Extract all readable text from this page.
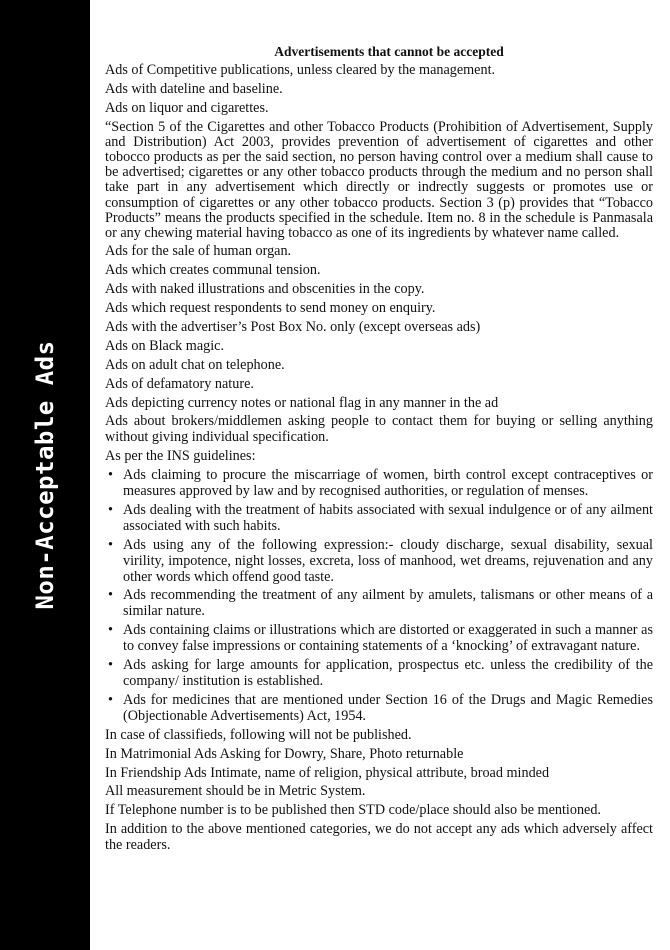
Non-Acceptable Ads
Advertisements that cannot be accepted
Ads of Competitive publications, unless cleared by the management.
Ads with dateline and baseline.
Ads on liquor and cigarettes.
“Section 5 of the Cigarettes and other Tobacco Products (Prohibition of Advertisement, Supply and Distribution) Act 2003, provides prevention of advertisement of cigarettes and other tobocco products as per the said section, no person having control over a medium shall cause to be advertised; cigarettes or any other tobacco products through the medium and no person shall take part in any advertisement which directly or indrectly suggests or promotes use or consumption of cigarettes or any other tobacco products. Section 3 (p) provides that “Tobacco Products” means the products specified in the schedule. Item no. 8 in the schedule is Panmasala or any chewing material having tobacco as one of its ingredients by whatever name called.
Ads for the sale of human organ.
Ads which creates communal tension.
Ads with naked illustrations and obscenities in the copy.
Ads which request respondents to send money on enquiry.
Ads with the advertiser’s Post Box No. only (except overseas ads)
Ads on Black magic.
Ads on adult chat on telephone.
Ads of defamatory nature.
Ads depicting currency notes or national flag in any manner in the ad
Ads about brokers/middlemen asking people to contact them for buying or selling anything without giving individual specification.
As per the INS guidelines:
• Ads claiming to procure the miscarriage of women, birth control except contraceptives or measures approved by law and by recognised authorities, or regulation of menses.
• Ads dealing with the treatment of habits associated with sexual indulgence or of any ailment associated with such habits.
• Ads using any of the following expression:- cloudy discharge, sexual disability, sexual virility, impotence, night losses, excreta, loss of manhood, wet dreams, rejuvenation and any other words which offend good taste.
• Ads recommending the treatment of any ailment by amulets, talismans or other means of a similar nature.
• Ads containing claims or illustrations which are distorted or exaggerated in such a manner as to convey false impressions or containing statements of a ‘knocking’ of extravagant nature.
• Ads asking for large amounts for application, prospectus etc. unless the credibility of the company/ institution is established.
• Ads for medicines that are mentioned under Section 16 of the Drugs and Magic Remedies (Objectionable Advertisements) Act, 1954.
In case of classifieds, following will not be published.
In Matrimonial Ads Asking for Dowry, Share, Photo returnable
In Friendship Ads Intimate, name of religion, physical attribute, broad minded
All measurement should be in Metric System.
If Telephone number is to be published then STD code/place should also be mentioned.
In addition to the above mentioned categories, we do not accept any ads which adversely affect the readers.
